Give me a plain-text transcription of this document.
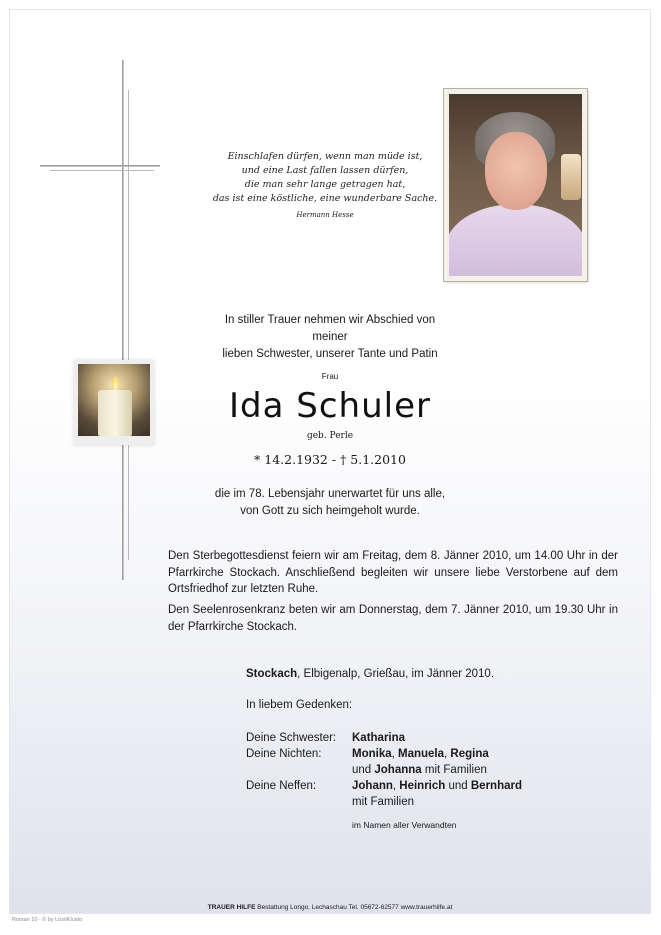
Einschlafen dürfen, wenn man müde ist,
und eine Last fallen lassen dürfen,
die man sehr lange getragen hat,
das ist eine köstliche, eine wunderbare Sache.
Hermann Hesse
In stiller Trauer nehmen wir Abschied von meiner
lieben Schwester, unserer Tante und Patin
Frau
Ida Schuler
geb. Perle
* 14.2.1932 - † 5.1.2010
die im 78. Lebensjahr unerwartet für uns alle,
von Gott zu sich heimgeholt wurde.
Den Sterbegottesdienst feiern wir am Freitag, dem 8. Jänner 2010, um 14.00 Uhr in der Pfarrkirche Stockach. Anschließend begleiten wir unsere liebe Verstorbene auf dem Ortsfriedhof zur letzten Ruhe.
Den Seelenrosenkranz beten wir am Donnerstag, dem 7. Jänner 2010, um 19.30 Uhr in der Pfarrkirche Stockach.
Stockach, Elbigenalp, Grießau, im Jänner 2010.
In liebem Gedenken:
Deine Schwester: Katharina
Deine Nichten:	Monika, Manuela, Regina
und Johanna mit Familien
Deine Neffen:	Johann, Heinrich und Bernhard
mit Familien
im Namen aller Verwandten
TRAUER HILFE Bestattung Longo, Lechaschau Tel. 05672-62577 www.trauerhilfe.at
Roman 10 - © by LlcetKlusto
